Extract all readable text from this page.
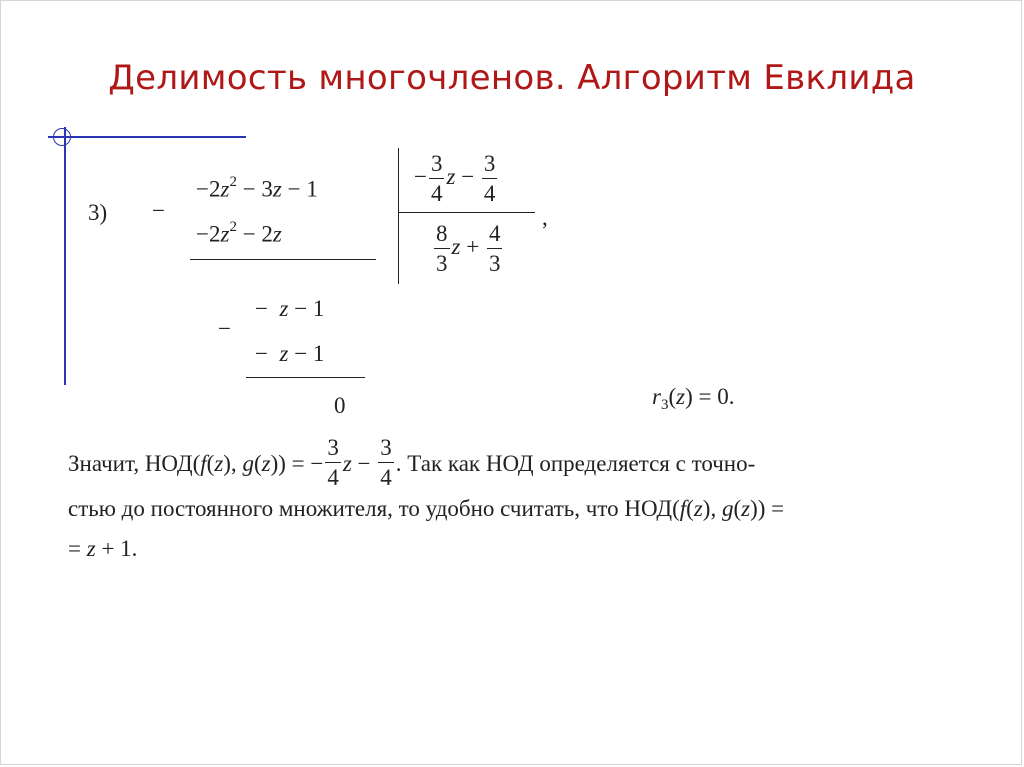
Делимость многочленов. Алгоритм Евклида
3) −
$-2z^2 - 3z - 1$
$-2z^2 - 2z$
− $\frac{3}{4}$ $z - \frac{3}{4}$
$\frac{8}{3}$ $z + \frac{4}{3}$
,
−
− z − 1
− z − 1
0	$r_3(z) = 0$.
Значит, НОД(f(z), g(z)) = − $\frac{3}{4}$ $z - \frac{3}{4}$ . Так как НОД определяется с точно-
стью до постоянного множителя, то удобно считать, что НОД(f(z), g(z)) =
= z + 1.
